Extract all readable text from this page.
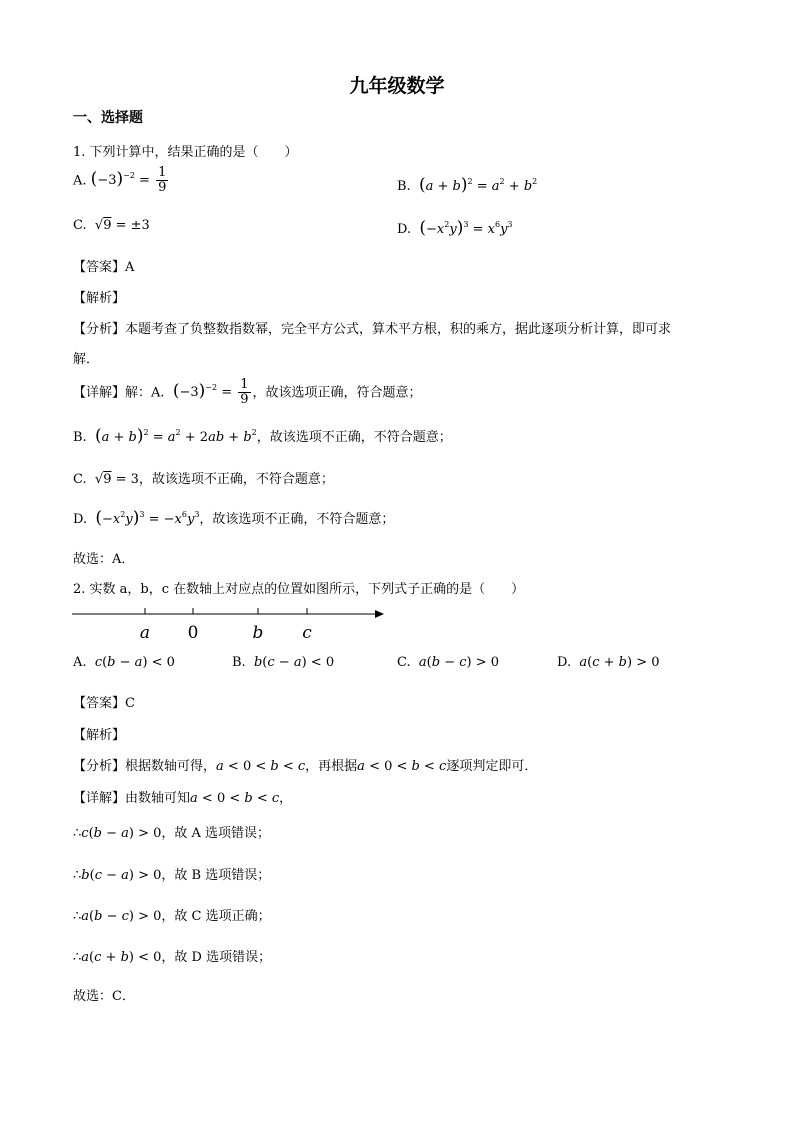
九年级数学
一、选择题
1. 下列计算中，结果正确的是（　　）
A. $(-3)^{-2} = \frac{1}{9}$	B. $(a + b)^2 = a^2 + b^2$
C.  √9 = ±3	D. $(-x^2y)^3 = x^6y^3$
【答案】A
【解析】
【分析】本题考查了负整数指数幂，完全平方公式，算术平方根，积的乘方，据此逐项分析计算，即可求
解．
【详解】解：A. $(-3)^{-2} = \frac{1}{9}$ ，故该选项正确，符合题意；
B. $(a + b)^2 = a^2 + 2ab + b^2$，故该选项不正确，不符合题意；
C.  √9 = 3，故该选项不正确，不符合题意；
D. $(-x^2y)^3 = -x^6y^3$，故该选项不正确，不符合题意；
故选：A．
2. 实数 a，b，c 在数轴上对应点的位置如图所示，下列式子正确的是（　　）
a 0	b c
A. c(b − a) < 0	B. b(c − a) < 0	C. a(b − c) > 0	D. a(c + b) > 0
【答案】C
【解析】
【分析】根据数轴可得，a < 0 < b < c，再根据a < 0 < b < c逐项判定即可．
【详解】由数轴可知a < 0 < b < c，
∴c(b − a) > 0，故 A 选项错误；
∴b(c − a) > 0，故 B 选项错误；
∴a(b − c) > 0，故 C 选项正确；
∴a(c + b) < 0，故 D 选项错误；
故选：C．
